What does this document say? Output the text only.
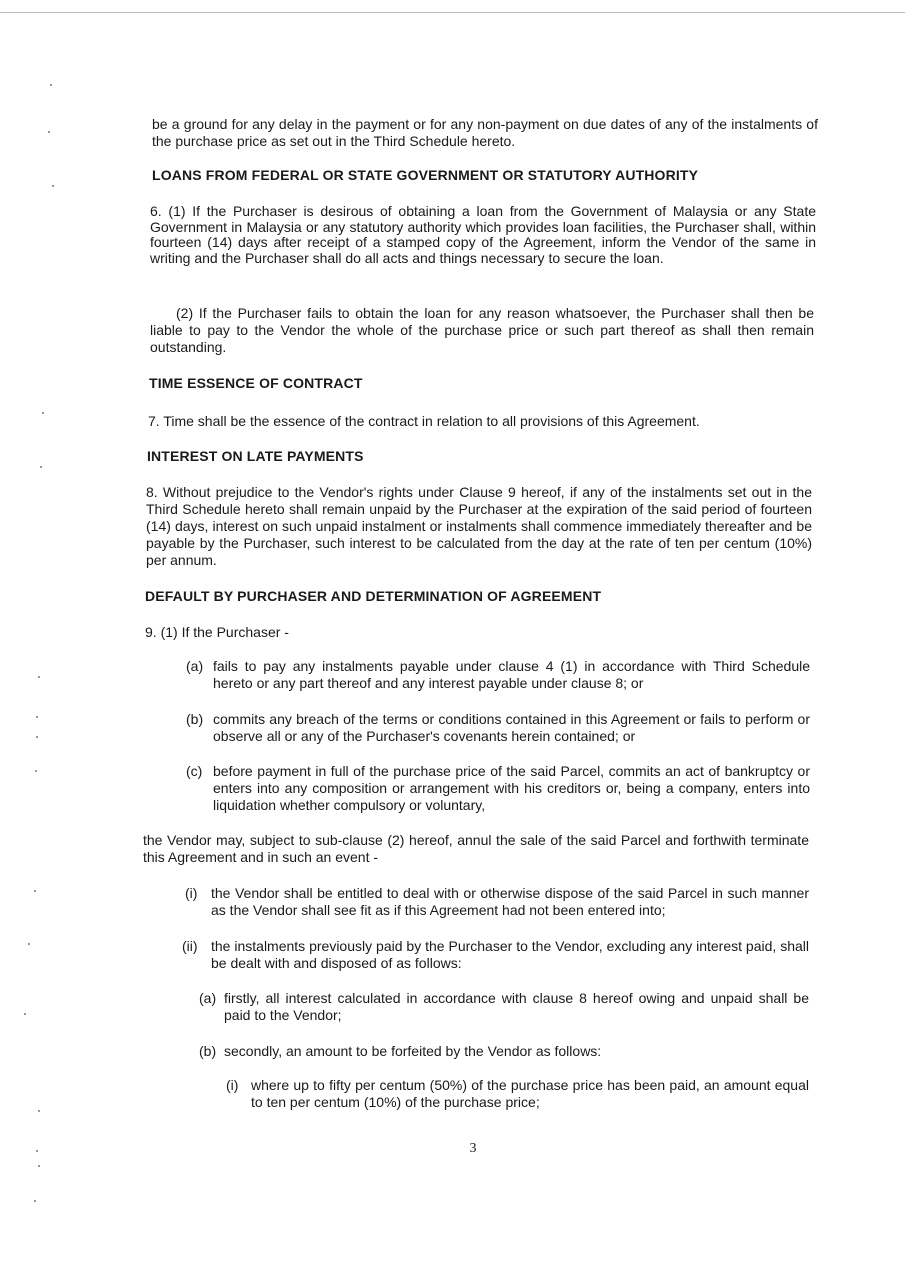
be a ground for any delay in the payment or for any non-payment on due dates of any of the instalments of the purchase price as set out in the Third Schedule hereto.

LOANS FROM FEDERAL OR STATE GOVERNMENT OR STATUTORY AUTHORITY

6. (1) If the Purchaser is desirous of obtaining a loan from the Government of Malaysia or any State Government in Malaysia or any statutory authority which provides loan facilities, the Purchaser shall, within fourteen (14) days after receipt of a stamped copy of the Agreement, inform the Vendor of the same in writing and the Purchaser shall do all acts and things necessary to secure the loan.

(2) If the Purchaser fails to obtain the loan for any reason whatsoever, the Purchaser shall then be liable to pay to the Vendor the whole of the purchase price or such part thereof as shall then remain outstanding.

TIME ESSENCE OF CONTRACT

7. Time shall be the essence of the contract in relation to all provisions of this Agreement.

INTEREST ON LATE PAYMENTS

8. Without prejudice to the Vendor's rights under Clause 9 hereof, if any of the instalments set out in the Third Schedule hereto shall remain unpaid by the Purchaser at the expiration of the said period of fourteen (14) days, interest on such unpaid instalment or instalments shall commence immediately thereafter and be payable by the Purchaser, such interest to be calculated from the day at the rate of ten per centum (10%) per annum.

DEFAULT BY PURCHASER AND DETERMINATION OF AGREEMENT

9. (1) If the Purchaser -

(a) fails to pay any instalments payable under clause 4 (1) in accordance with Third Schedule hereto or any part thereof and any interest payable under clause 8; or

(b) commits any breach of the terms or conditions contained in this Agreement or fails to perform or observe all or any of the Purchaser's covenants herein contained; or

(c) before payment in full of the purchase price of the said Parcel, commits an act of bankruptcy or enters into any composition or arrangement with his creditors or, being a company, enters into liquidation whether compulsory or voluntary,

the Vendor may, subject to sub-clause (2) hereof, annul the sale of the said Parcel and forthwith terminate this Agreement and in such an event -

(i) the Vendor shall be entitled to deal with or otherwise dispose of the said Parcel in such manner as the Vendor shall see fit as if this Agreement had not been entered into;

(ii) the instalments previously paid by the Purchaser to the Vendor, excluding any interest paid, shall be dealt with and disposed of as follows:

(a) firstly, all interest calculated in accordance with clause 8 hereof owing and unpaid shall be paid to the Vendor;

(b) secondly, an amount to be forfeited by the Vendor as follows:

(i) where up to fifty per centum (50%) of the purchase price has been paid, an amount equal to ten per centum (10%) of the purchase price;

3
